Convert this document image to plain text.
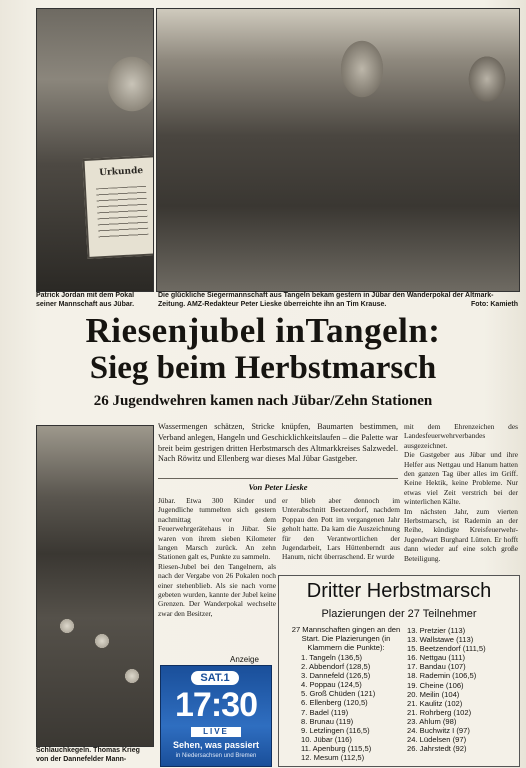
Urkunde
Patrick Jordan mit dem Pokal seiner Mannschaft aus Jübar.
Die glückliche Siegermannschaft aus Tangeln bekam gestern in Jübar den Wanderpokal der Altmark-Zeitung. AMZ-Redakteur Peter Lieske überreichte ihn an Tim Krause.	Foto: Kamieth
Riesenjubel inTangeln:
Sieg beim Herbstmarsch
26 Jugendwehren kamen nach Jübar/Zehn Stationen
Schlauchkegeln. Thomas Krieg von der Dannefelder Mann-
Wassermengen schätzen, Stricke knüpfen, Baumarten bestimmen, Verband anlegen, Hangeln und Geschicklichkeitslaufen – die Palette war breit beim gestrigen dritten Herbstmarsch des Altmarkkreises Salzwedel. Nach Röwitz und Ellenberg war dieses Mal Jübar Gastgeber.
Von Peter Lieske
Jübar. Etwa 300 Kinder und Jugendliche tummelten sich gestern nachmittag vor dem Feuerwehrgerätehaus in Jübar. Sie waren von ihrem sieben Kilometer langen Marsch zurück. An zehn Stationen galt es, Punkte zu sammeln.
Riesen-Jubel bei den Tangelnern, als nach der Vergabe von 26 Pokalen noch einer stehenblieb. Als sie nach vorne gebeten wurden, kannte der Jubel keine Grenzen. Der Wanderpokal wechselte zwar den Besitzer,
er blieb aber dennoch im Unterabschnitt Beetzendorf, nachdem Poppau den Pott im vergangenen Jahr geholt hatte. Da kam die Auszeichnung für den Verantwortlichen der Jugendarbeit, Lars Hüttenberndt aus Hanum, nicht überraschend. Er wurde
mit dem Ehrenzeichen des Landesfeuerwehrverbandes ausgezeichnet.
Die Gastgeber aus Jübar und ihre Helfer aus Nettgau und Hanum hatten den ganzen Tag über alles im Griff. Keine Hektik, keine Probleme. Nur etwas viel Zeit verstrich bei der winterlichen Kälte.
Im nächsten Jahr, zum vierten Herbstmarsch, ist Rademin an der Reihe, kündigte Kreisfeuerwehr-Jugendwart Burghard Lütten. Er hofft dann wieder auf eine solch große Beteiligung.
Anzeige
SAT.1
17:30
LIVE
Sehen, was passiert
in Niedersachsen und Bremen
Dritter Herbstmarsch
Plazierungen der 27 Teilnehmer
27 Mannschaften gingen an den Start. Die Plazierungen (in Klammern die Punkte):
1. Tangeln (136,5)
2. Abbendorf (128,5)
3. Dannefeld (126,5)
4. Poppau (124,5)
5. Groß Chüden (121)
6. Ellenberg (120,5)
7. Badel (119)
8. Brunau (119)
9. Letzlingen (116,5)
10. Jübar (116)
11. Apenburg (115,5)
12. Mesum (112,5)
13. Pretzier (113)
13. Wallstawe (113)
15. Beetzendorf (111,5)
16. Nettgau (111)
17. Bandau (107)
18. Rademin (106,5)
19. Cheine (106)
20. Meilin (104)
21. Kaulitz (102)
21. Rohrberg (102)
23. Ahlum (98)
24. Buchwitz I (97)
24. Lüdelsen (97)
26. Jahrstedt (92)
